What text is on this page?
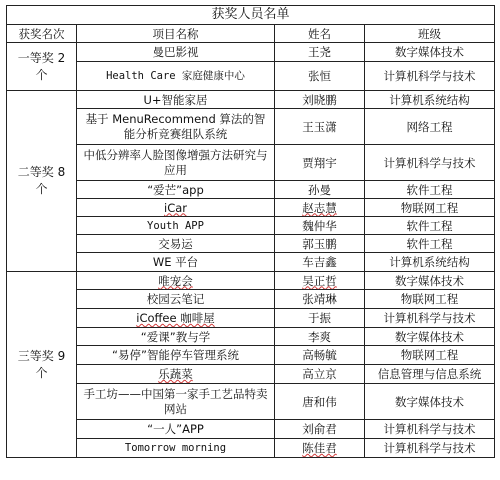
获奖人员名单			
获奖名次	项目名称	姓名	班级
一等奖 2 个	曼巴影视	王尧	数字媒体技术
	Health Care 家庭健康中心	张恒	计算机科学与技术
二等奖 8 个	U+智能家居	刘晓鹏	计算机系统结构
	基于 MenuRecommend 算法的智能分析竞赛组队系统	王玉潇	网络工程
	中低分辨率人脸图像增强方法研究与应用	贾翔宇	计算机科学与技术
	“爱芒”app	孙曼	软件工程
	iCar	赵志慧	物联网工程
	Youth APP	魏仲华	软件工程
	交易运	郭玉鹏	软件工程
	WE 平台	车吉鑫	计算机系统结构
三等奖 9 个	唯宠会	吴正哲	数字媒体技术
	校园云笔记	张靖琳	物联网工程
	iCoffee 咖啡屋	于振	计算机科学与技术
	“爱课”教与学	李爽	数字媒体技术
	“易停”智能停车管理系统	高畅毓	物联网工程
	乐蔬菜	高立京	信息管理与信息系统
	手工坊——中国第一家手工艺品特卖网站	唐和伟	数字媒体技术
	“一人”APP	刘俞君	计算机科学与技术
	Tomorrow morning	陈佳君	计算机科学与技术
